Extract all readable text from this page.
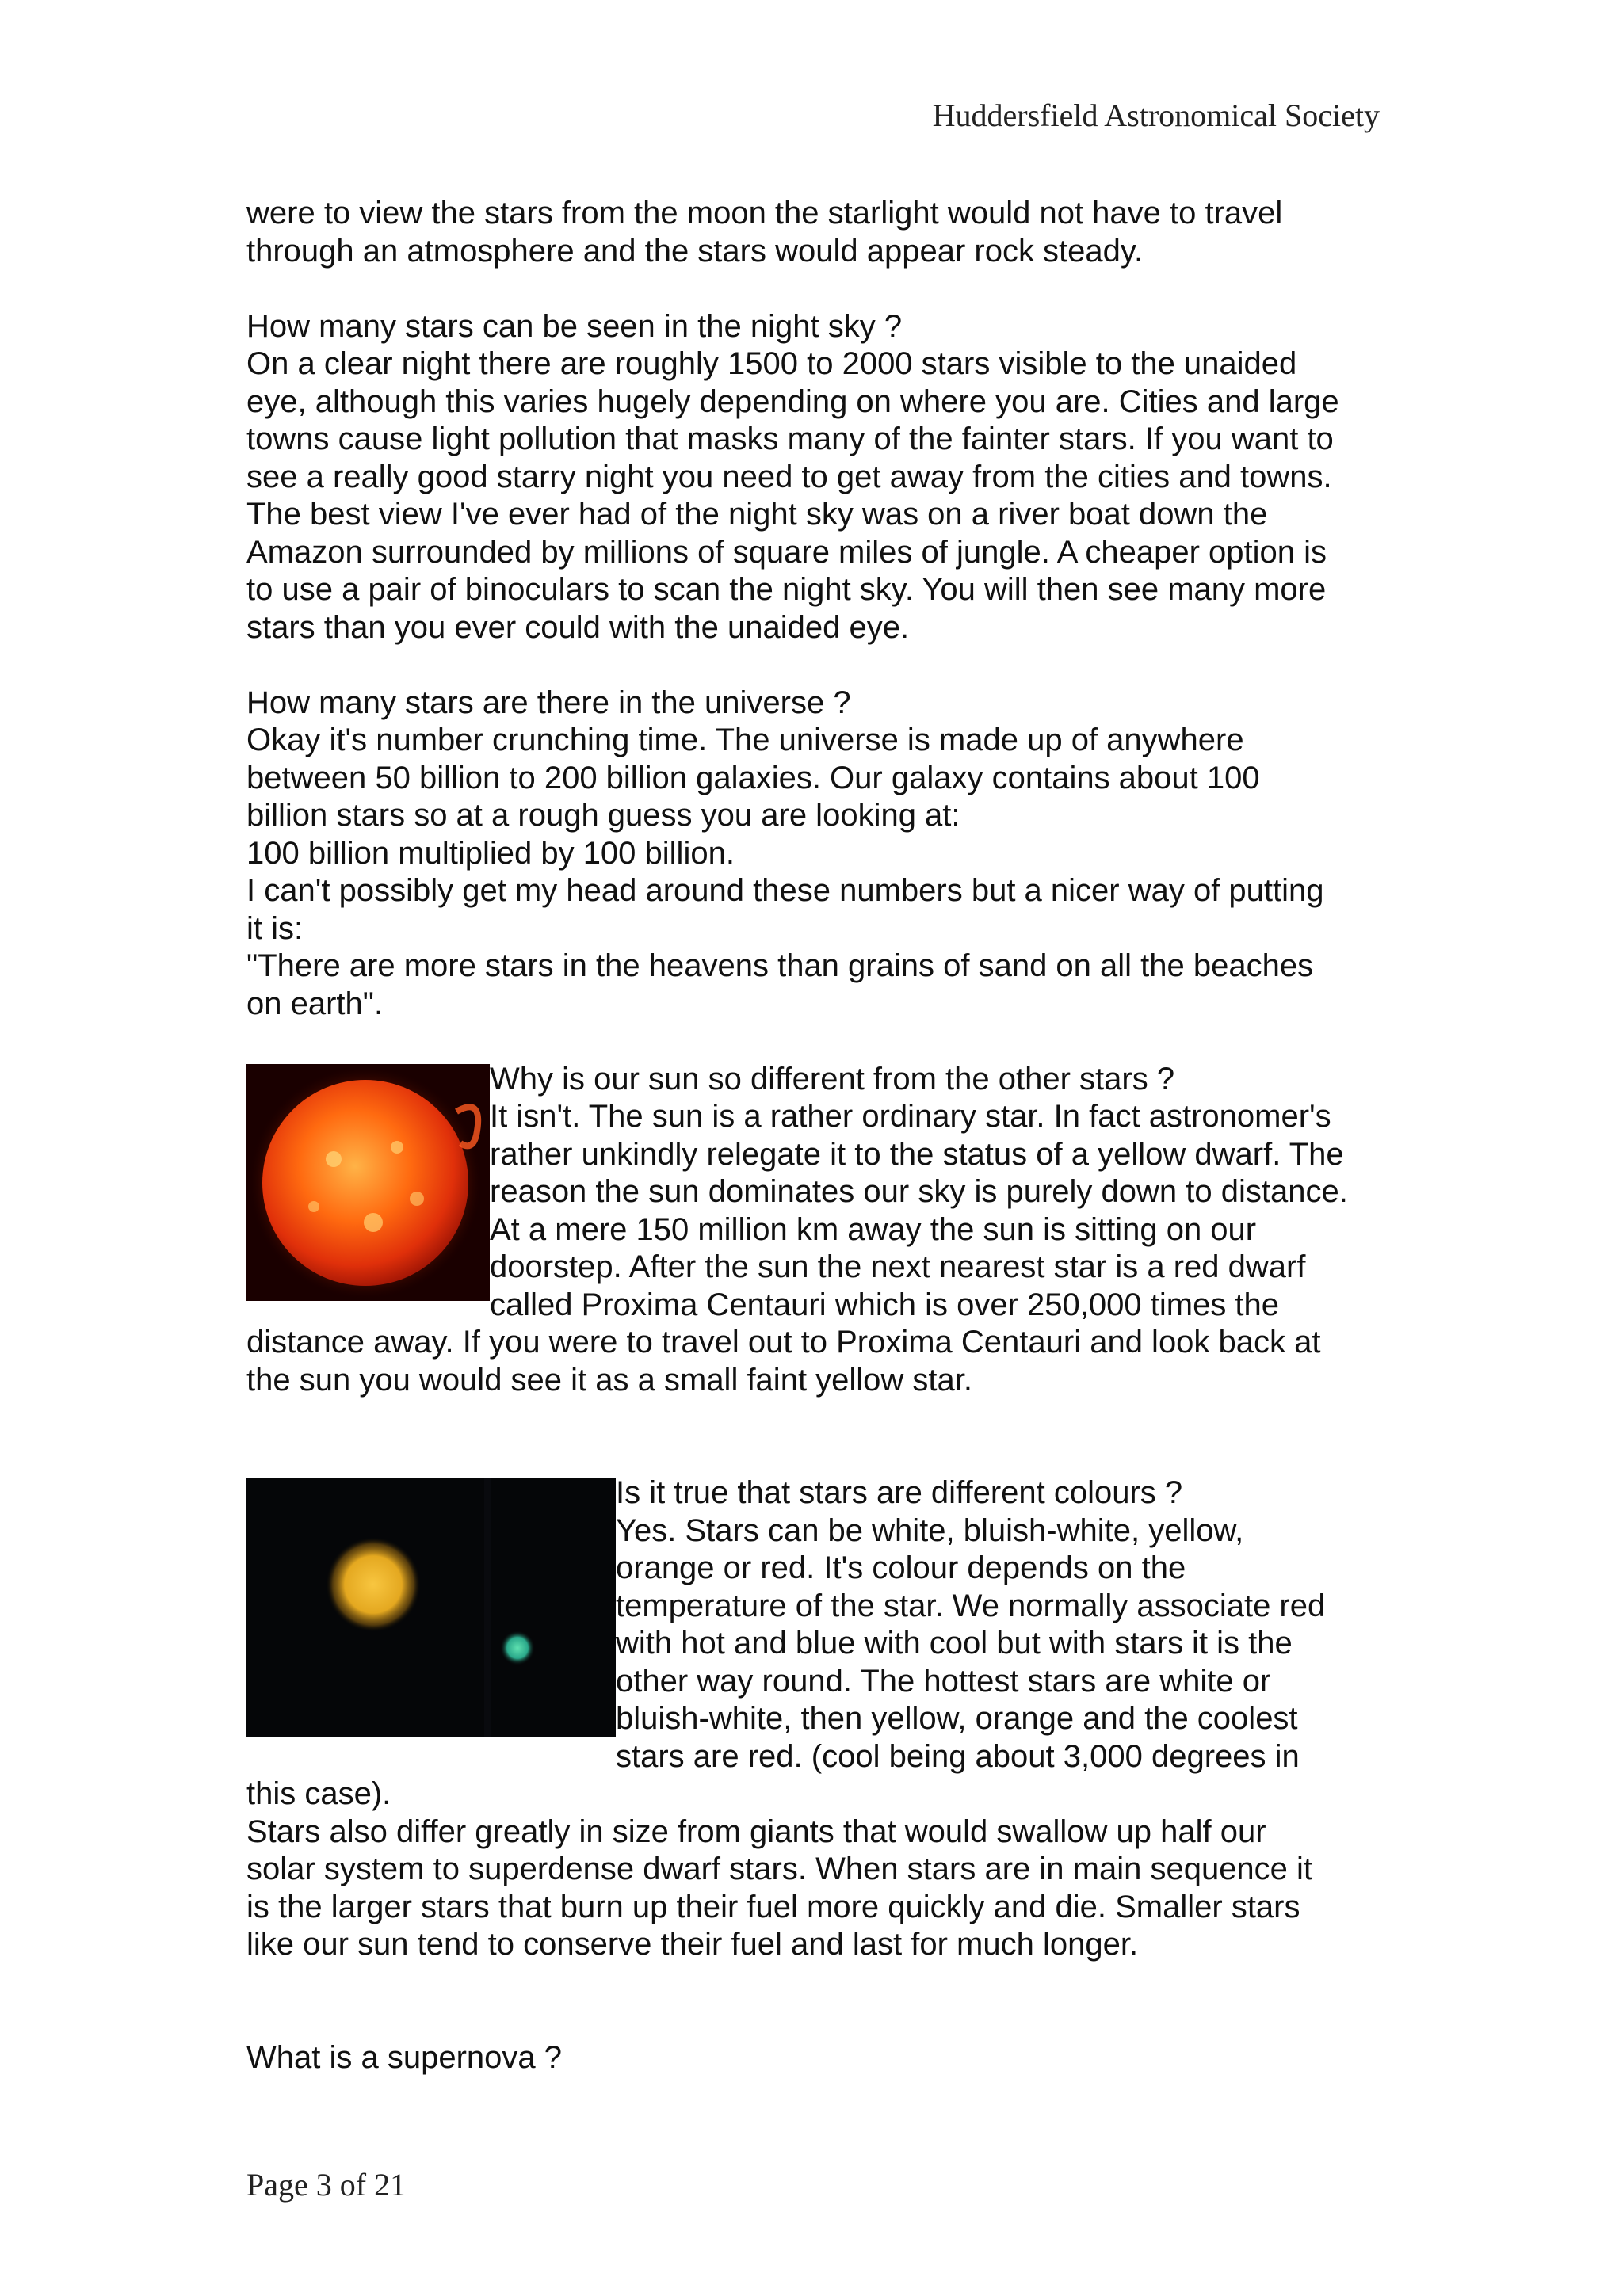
Huddersfield Astronomical Society
were to view the stars from the moon the starlight would not have to travel
through an atmosphere and the stars would appear rock steady.
How many stars can be seen in the night sky ?
On a clear night there are roughly 1500 to 2000 stars visible to the unaided
eye, although this varies hugely depending on where you are. Cities and large
towns cause light pollution that masks many of the fainter stars. If you want to
see a really good starry night you need to get away from the cities and towns.
The best view I've ever had of the night sky was on a river boat down the
Amazon surrounded by millions of square miles of jungle. A cheaper option is
to use a pair of binoculars to scan the night sky. You will then see many more
stars than you ever could with the unaided eye.
How many stars are there in the universe ?
Okay it's number crunching time. The universe is made up of anywhere
between 50 billion to 200 billion galaxies. Our galaxy contains about 100
billion stars so at a rough guess you are looking at:
100 billion multiplied by 100 billion.
I can't possibly get my head around these numbers but a nicer way of putting
it is:
"There are more stars in the heavens than grains of sand on all the beaches
on earth".
Why is our sun so different from the other stars ?
It isn't. The sun is a rather ordinary star. In fact astronomer's
rather unkindly relegate it to the status of a yellow dwarf. The
reason the sun dominates our sky is purely down to distance.
At a mere 150 million km away the sun is sitting on our
doorstep. After the sun the next nearest star is a red dwarf
called Proxima Centauri which is over 250,000 times the
distance away. If you were to travel out to Proxima Centauri and look back at
the sun you would see it as a small faint yellow star.
Is it true that stars are different colours ?
Yes. Stars can be white, bluish-white, yellow,
orange or red. It's colour depends on the
temperature of the star. We normally associate red
with hot and blue with cool but with stars it is the
other way round. The hottest stars are white or
bluish-white, then yellow, orange and the coolest
stars are red. (cool being about 3,000 degrees in
this case).
Stars also differ greatly in size from giants that would swallow up half our
solar system to superdense dwarf stars. When stars are in main sequence it
is the larger stars that burn up their fuel more quickly and die. Smaller stars
like our sun tend to conserve their fuel and last for much longer.
What is a supernova ?
Page 3 of 21
